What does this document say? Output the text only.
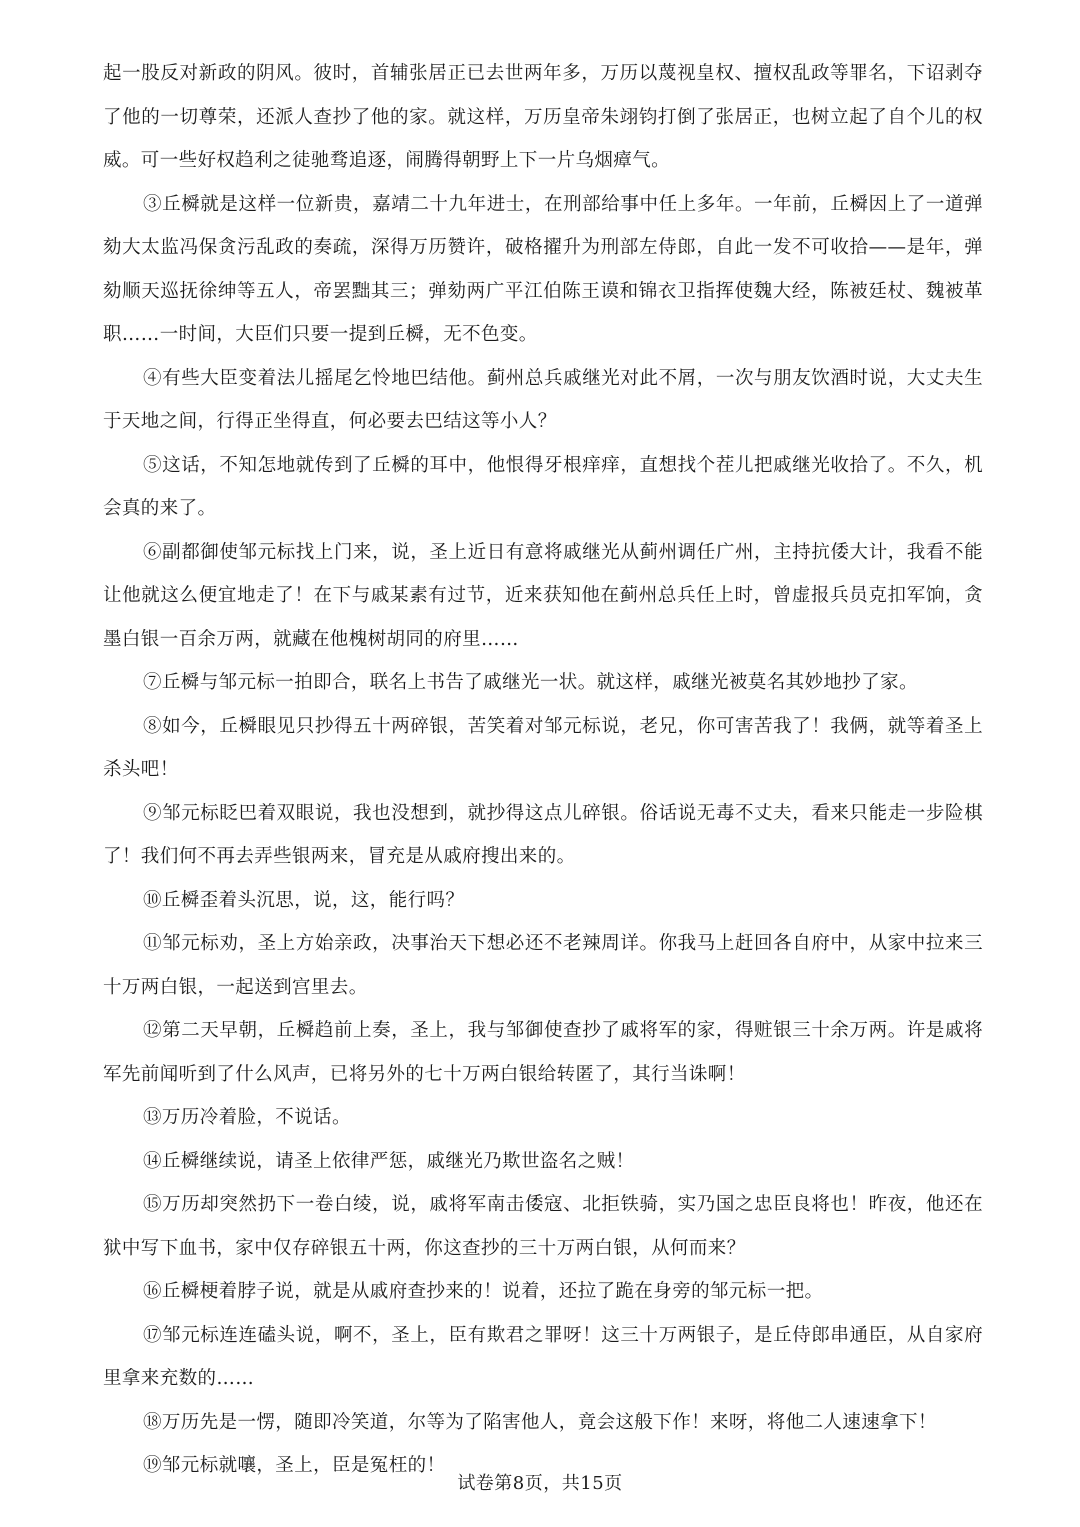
起一股反对新政的阴风。彼时，首辅张居正已去世两年多，万历以蔑视皇权、擅权乱政等罪名，下诏剥夺了他的一切尊荣，还派人查抄了他的家。就这样，万历皇帝朱翊钧打倒了张居正，也树立起了自个儿的权威。可一些好权趋利之徒驰骛追逐，闹腾得朝野上下一片乌烟瘴气。

③丘橓就是这样一位新贵，嘉靖二十九年进士，在刑部给事中任上多年。一年前，丘橓因上了一道弹劾大太监冯保贪污乱政的奏疏，深得万历赞许，破格擢升为刑部左侍郎，自此一发不可收拾——是年，弹劾顺天巡抚徐绅等五人，帝罢黜其三；弹劾两广平江伯陈王谟和锦衣卫指挥使魏大经，陈被廷杖、魏被革职……一时间，大臣们只要一提到丘橓，无不色变。

④有些大臣变着法儿摇尾乞怜地巴结他。蓟州总兵戚继光对此不屑，一次与朋友饮酒时说，大丈夫生于天地之间，行得正坐得直，何必要去巴结这等小人？

⑤这话，不知怎地就传到了丘橓的耳中，他恨得牙根痒痒，直想找个茬儿把戚继光收拾了。不久，机会真的来了。

⑥副都御使邹元标找上门来，说，圣上近日有意将戚继光从蓟州调任广州，主持抗倭大计，我看不能让他就这么便宜地走了！在下与戚某素有过节，近来获知他在蓟州总兵任上时，曾虚报兵员克扣军饷，贪墨白银一百余万两，就藏在他槐树胡同的府里……

⑦丘橓与邹元标一拍即合，联名上书告了戚继光一状。就这样，戚继光被莫名其妙地抄了家。

⑧如今，丘橓眼见只抄得五十两碎银，苦笑着对邹元标说，老兄，你可害苦我了！我俩，就等着圣上杀头吧！

⑨邹元标眨巴着双眼说，我也没想到，就抄得这点儿碎银。俗话说无毒不丈夫，看来只能走一步险棋了！我们何不再去弄些银两来，冒充是从戚府搜出来的。

⑩丘橓歪着头沉思，说，这，能行吗？

⑪邹元标劝，圣上方始亲政，决事治天下想必还不老辣周详。你我马上赶回各自府中，从家中拉来三十万两白银，一起送到宫里去。

⑫第二天早朝，丘橓趋前上奏，圣上，我与邹御使查抄了戚将军的家，得赃银三十余万两。许是戚将军先前闻听到了什么风声，已将另外的七十万两白银给转匿了，其行当诛啊！

⑬万历冷着脸，不说话。

⑭丘橓继续说，请圣上依律严惩，戚继光乃欺世盗名之贼！

⑮万历却突然扔下一卷白绫，说，戚将军南击倭寇、北拒铁骑，实乃国之忠臣良将也！昨夜，他还在狱中写下血书，家中仅存碎银五十两，你这查抄的三十万两白银，从何而来？

⑯丘橓梗着脖子说，就是从戚府查抄来的！说着，还拉了跪在身旁的邹元标一把。

⑰邹元标连连磕头说，啊不，圣上，臣有欺君之罪呀！这三十万两银子，是丘侍郎串通臣，从自家府里拿来充数的……

⑱万历先是一愣，随即冷笑道，尔等为了陷害他人，竟会这般下作！来呀，将他二人速速拿下！

⑲邹元标就嚷，圣上，臣是冤枉的！

试卷第8页，共15页
